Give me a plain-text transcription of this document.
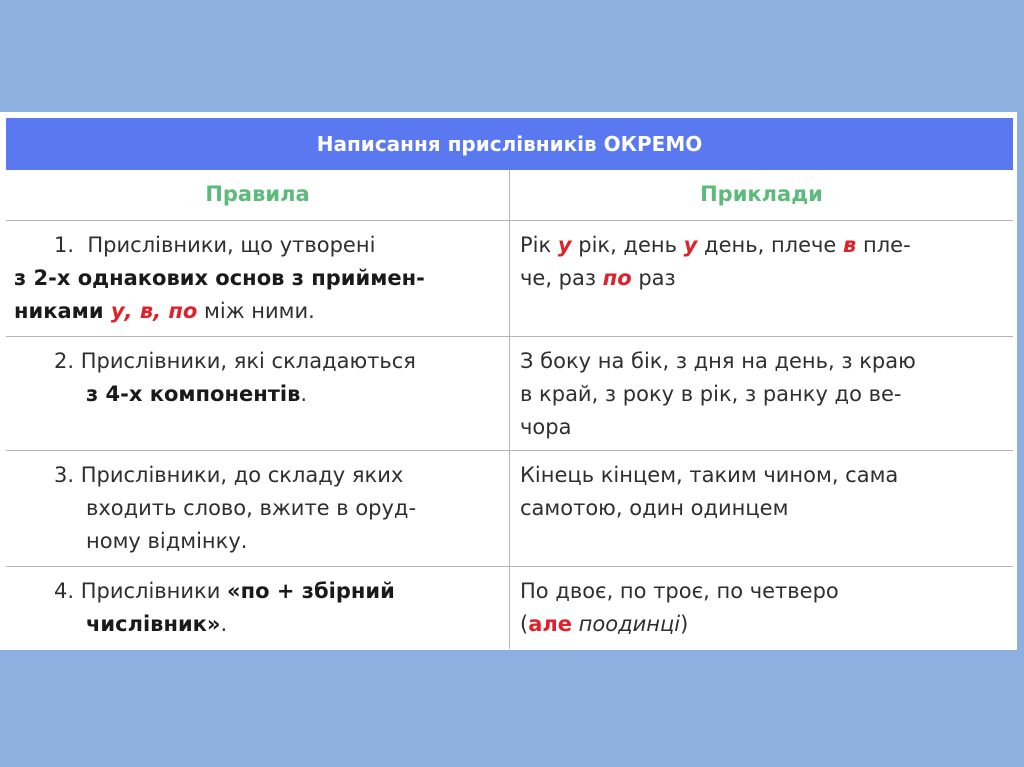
Написання прислівників ОКРЕМО
Правила	Приклади
1.  Прислівники, що утворені
з 2-х однакових основ з приймен-
никами у, в, по між ними.
Рік у рік, день у день, плече в пле-
че, раз по раз
2. Прислівники, які складаються
з 4-х компонентів.
З боку на бік, з дня на день, з краю
в край, з року в рік, з ранку до ве-
чора
3. Прислівники, до складу яких
входить слово, вжите в оруд-
ному відмінку.
Кінець кінцем, таким чином, сама
самотою, один одинцем
4. Прислівники «по + збірний
числівник».
По двоє, по троє, по четверо
(але поодинці)
